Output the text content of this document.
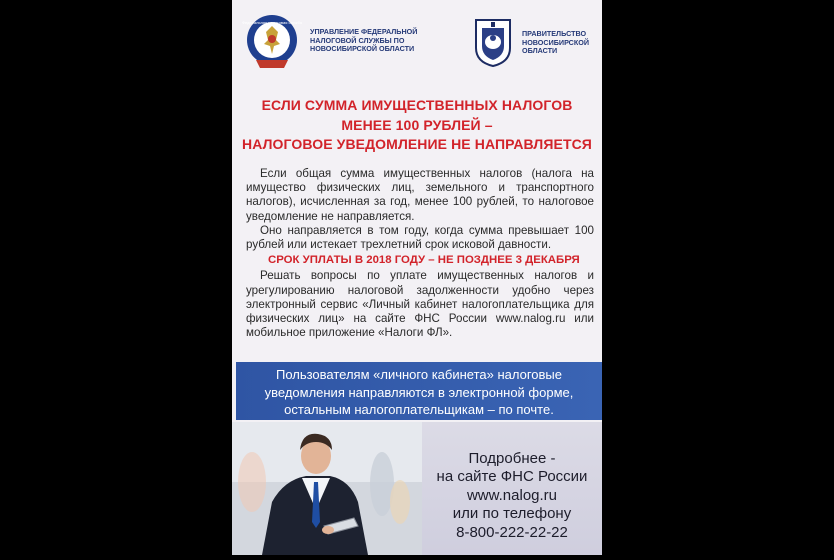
Федеральная налоговая служба
УПРАВЛЕНИЕ ФЕДЕРАЛЬНОЙ НАЛОГОВОЙ СЛУЖБЫ ПО НОВОСИБИРСКОЙ ОБЛАСТИ
ПРАВИТЕЛЬСТВО НОВОСИБИРСКОЙ ОБЛАСТИ
ЕСЛИ СУММА ИМУЩЕСТВЕННЫХ НАЛОГОВ
МЕНЕЕ 100 РУБЛЕЙ –
НАЛОГОВОЕ УВЕДОМЛЕНИЕ НЕ НАПРАВЛЯЕТСЯ

Если общая сумма имущественных налогов (налога на имущество физических лиц, земельного и транспортного налогов), исчисленная за год, менее 100 рублей, то налоговое уведомление не направляется.

Оно направляется в том году, когда сумма превышает 100 рублей или истекает трехлетний срок исковой давности.

СРОК УПЛАТЫ В 2018 ГОДУ – НЕ ПОЗДНЕЕ 3 ДЕКАБРЯ

Решать вопросы по уплате имущественных налогов и урегулированию налоговой задолженности удобно через электронный сервис «Личный кабинет налогоплательщика для физических лиц» на сайте ФНС России www.nalog.ru или мобильное приложение «Налоги ФЛ».

Пользователям «личного кабинета» налоговые
уведомления направляются в электронной форме,
остальным налогоплательщикам – по почте.
Подробнее -
на сайте ФНС России
www.nalog.ru
или по телефону
8-800-222-22-22
